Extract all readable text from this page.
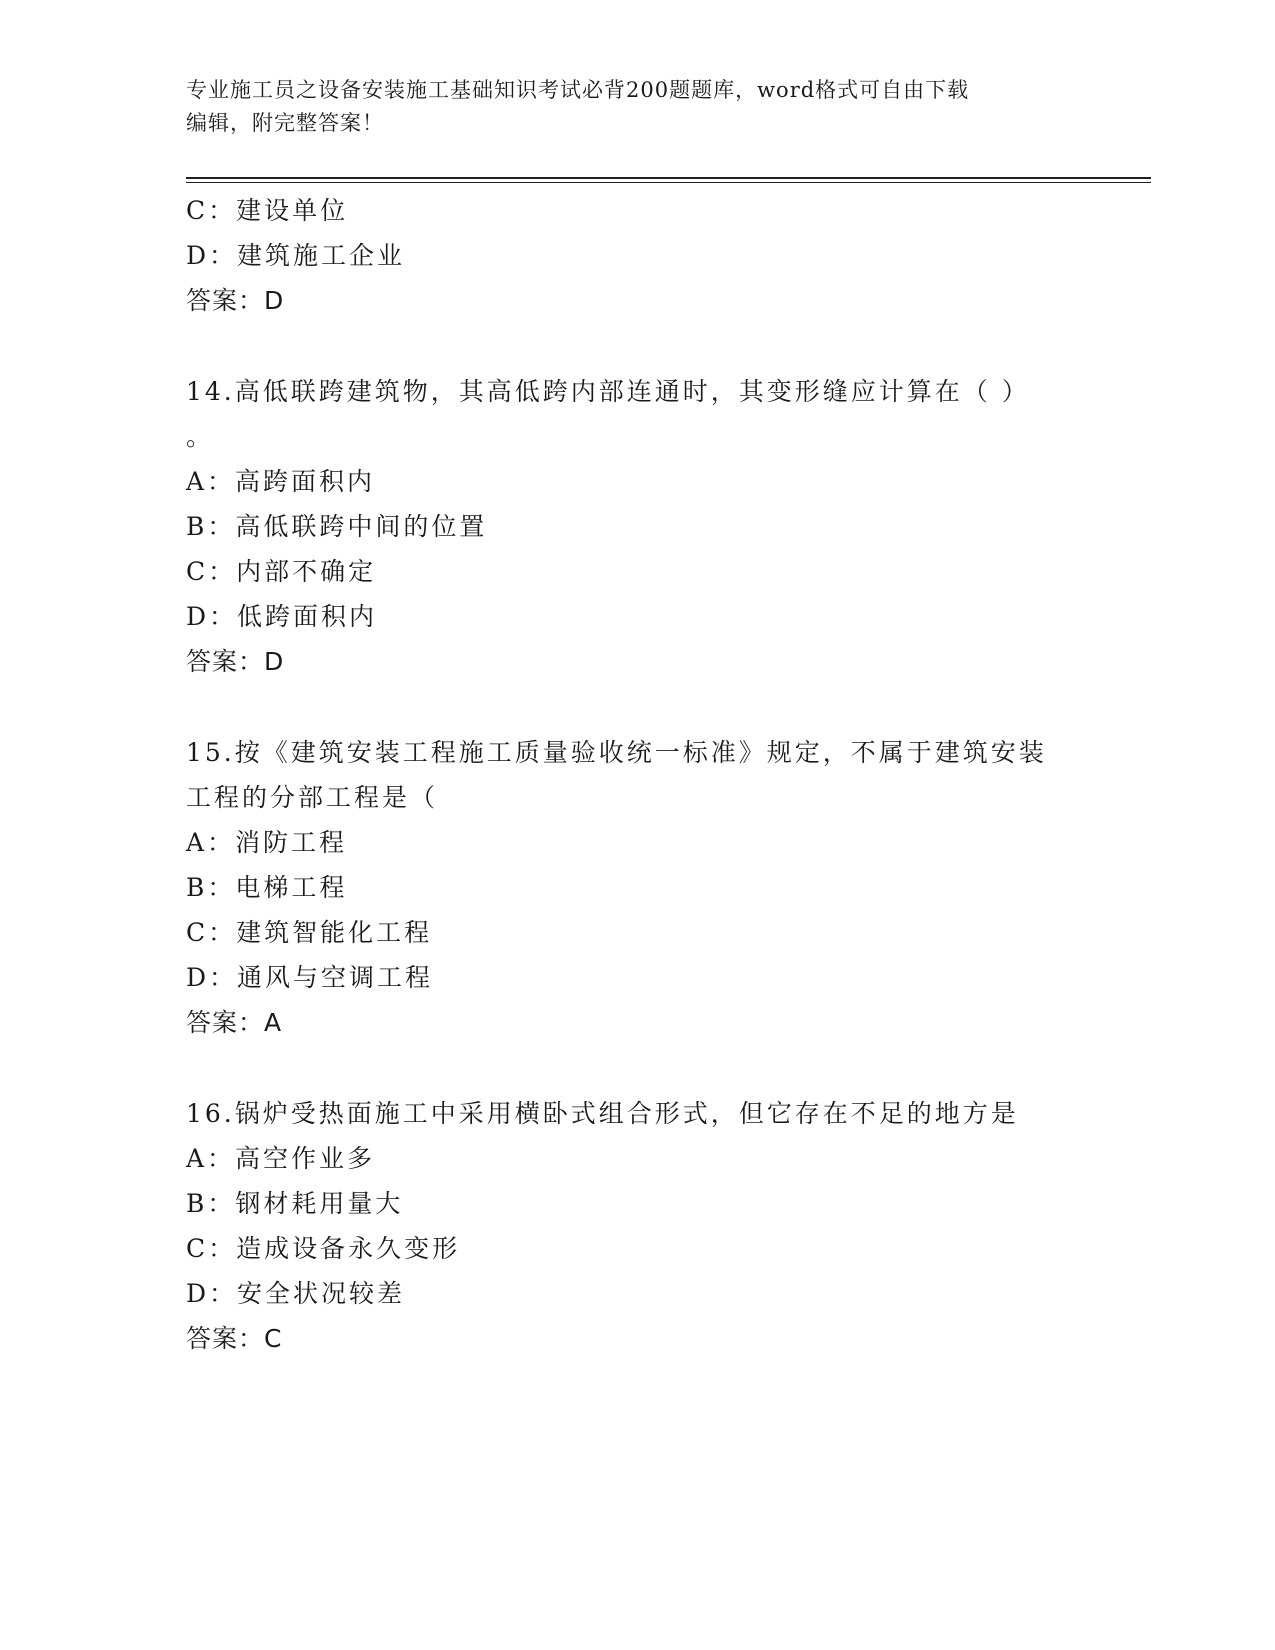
专业施工员之设备安装施工基础知识考试必背200题题库，word格式可自由下载
编辑，附完整答案！
C：建设单位
D：建筑施工企业
答案：D
14.高低联跨建筑物，其高低跨内部连通时，其变形缝应计算在（ ）
。
A：高跨面积内
B：高低联跨中间的位置
C：内部不确定
D：低跨面积内
答案：D
15.按《建筑安装工程施工质量验收统一标准》规定，不属于建筑安装
工程的分部工程是（
A：消防工程
B：电梯工程
C：建筑智能化工程
D：通风与空调工程
答案：A
16.锅炉受热面施工中采用横卧式组合形式，但它存在不足的地方是
A：高空作业多
B：钢材耗用量大
C：造成设备永久变形
D：安全状况较差
答案：C
